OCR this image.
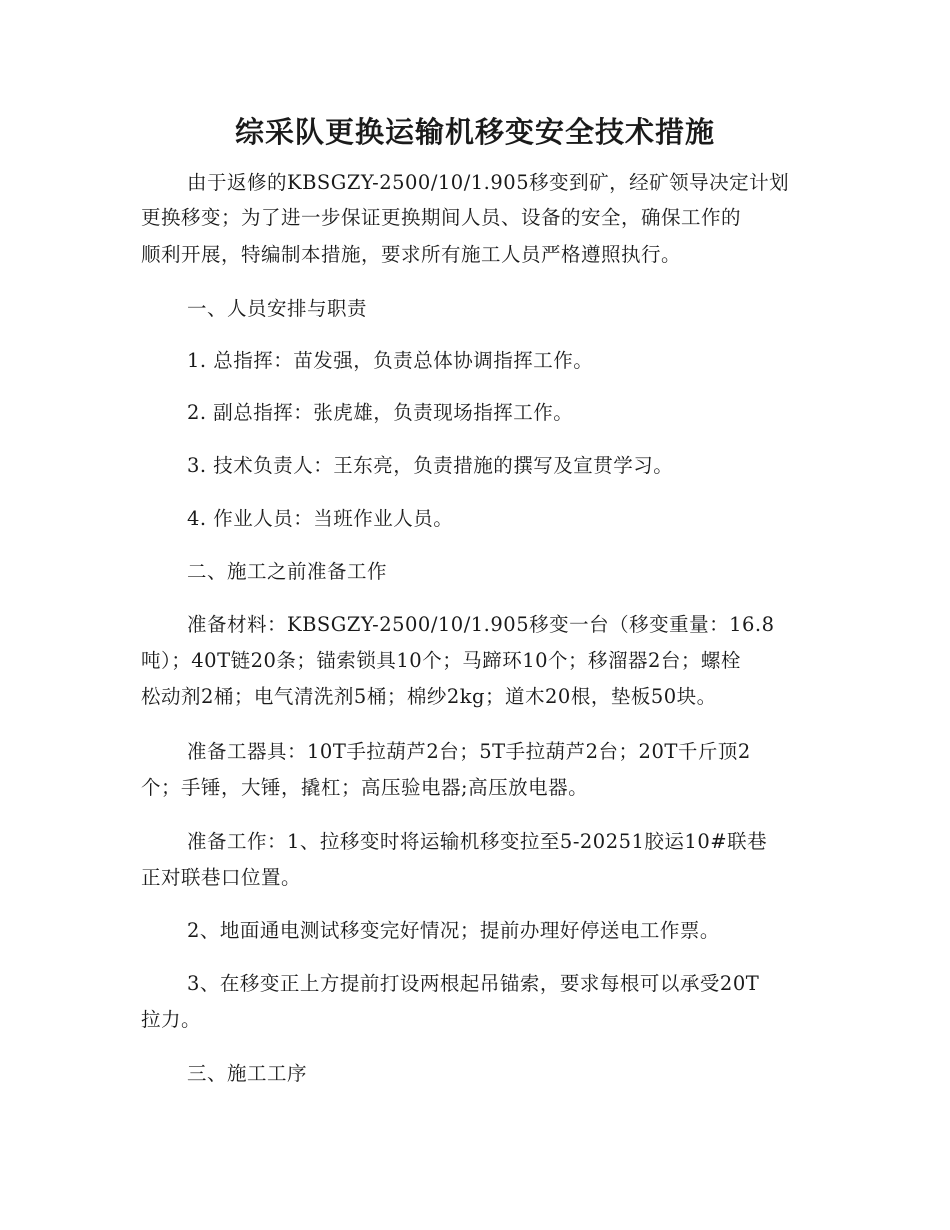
综采队更换运输机移变安全技术措施
由于返修的KBSGZY-2500/10/1.905移变到矿，经矿领导决定计划
更换移变；为了进一步保证更换期间人员、设备的安全，确保工作的
顺利开展，特编制本措施，要求所有施工人员严格遵照执行。
一、人员安排与职责
1. 总指挥：苗发强，负责总体协调指挥工作。
2. 副总指挥：张虎雄，负责现场指挥工作。
3. 技术负责人：王东亮，负责措施的撰写及宣贯学习。
4. 作业人员：当班作业人员。
二、施工之前准备工作
准备材料：KBSGZY-2500/10/1.905移变一台（移变重量：16.8
吨）；40T链20条；锚索锁具10个；马蹄环10个；移溜器2台；螺栓
松动剂2桶；电气清洗剂5桶；棉纱2kg；道木20根，垫板50块。
准备工器具：10T手拉葫芦2台；5T手拉葫芦2台；20T千斤顶2
个；手锤，大锤，撬杠；高压验电器;高压放电器。
准备工作：1、拉移变时将运输机移变拉至5-20251胶运10#联巷
正对联巷口位置。
2、地面通电测试移变完好情况；提前办理好停送电工作票。
3、在移变正上方提前打设两根起吊锚索，要求每根可以承受20T
拉力。
三、施工工序
